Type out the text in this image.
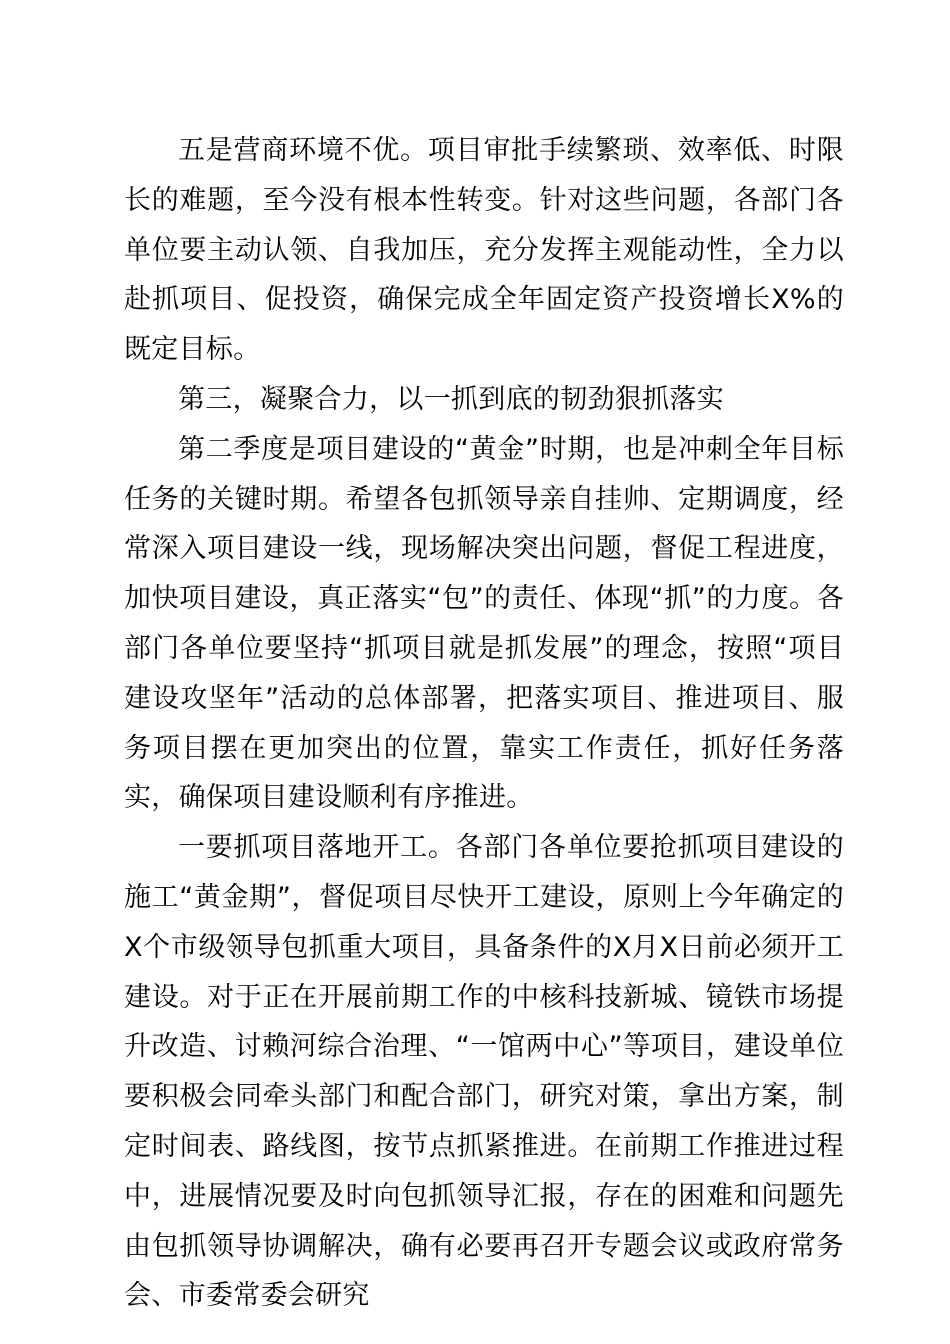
五是营商环境不优。项目审批手续繁琐、效率低、时限长的难题，至今没有根本性转变。针对这些问题，各部门各单位要主动认领、自我加压，充分发挥主观能动性，全力以赴抓项目、促投资，确保完成全年固定资产投资增长X%的既定目标。

第三，凝聚合力，以一抓到底的韧劲狠抓落实

第二季度是项目建设的“黄金”时期，也是冲刺全年目标任务的关键时期。希望各包抓领导亲自挂帅、定期调度，经常深入项目建设一线，现场解决突出问题，督促工程进度，加快项目建设，真正落实“包”的责任、体现“抓”的力度。各部门各单位要坚持“抓项目就是抓发展”的理念，按照“项目建设攻坚年”活动的总体部署，把落实项目、推进项目、服务项目摆在更加突出的位置，靠实工作责任，抓好任务落实，确保项目建设顺利有序推进。

一要抓项目落地开工。各部门各单位要抢抓项目建设的施工“黄金期”，督促项目尽快开工建设，原则上今年确定的X个市级领导包抓重大项目，具备条件的X月X日前必须开工建设。对于正在开展前期工作的中核科技新城、镜铁市场提升改造、讨赖河综合治理、“一馆两中心”等项目，建设单位要积极会同牵头部门和配合部门，研究对策，拿出方案，制定时间表、路线图，按节点抓紧推进。在前期工作推进过程中，进展情况要及时向包抓领导汇报，存在的困难和问题先由包抓领导协调解决，确有必要再召开专题会议或政府常务会、市委常委会研究
